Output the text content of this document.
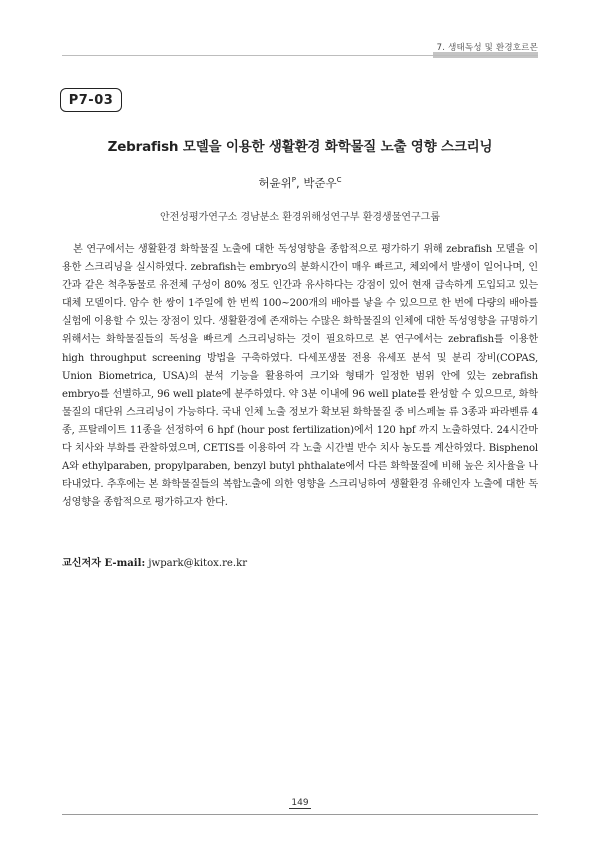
7. 생태독성 및 환경호르몬
P7-03
Zebrafish 모델을 이용한 생활환경 화학물질 노출 영향 스크리닝
허윤위$^P$, 박준우$^C$
안전성평가연구소 경남분소 환경위해성연구부 환경생물연구그룹

본 연구에서는 생활환경 화학물질 노출에 대한 독성영향을 종합적으로 평가하기 위해 zebrafish 모델을 이용한 스크리닝을 실시하였다. zebrafish는 embryo의 분화시간이 매우 빠르고, 체외에서 발생이 일어나며, 인간과 같은 척추동물로 유전체 구성이 80% 정도 인간과 유사하다는 강점이 있어 현재 급속하게 도입되고 있는 대체 모델이다. 암수 한 쌍이 1주일에 한 번씩 100~200개의 배아를 낳을 수 있으므로 한 번에 다량의 배아를 실험에 이용할 수 있는 장점이 있다. 생활환경에 존재하는 수많은 화학물질의 인체에 대한 독성영향을 규명하기 위해서는 화학물질들의 독성을 빠르게 스크리닝하는 것이 필요하므로 본 연구에서는 zebrafish를 이용한 high throughput screening 방법을 구축하였다. 다세포생물 전용 유세포 분석 및 분리 장비(COPAS, Union Biometrica, USA)의 분석 기능을 활용하여 크기와 형태가 일정한 범위 안에 있는 zebrafish embryo를 선별하고, 96 well plate에 분주하였다. 약 3분 이내에 96 well plate를 완성할 수 있으므로, 화학물질의 대단위 스크리닝이 가능하다. 국내 인체 노출 정보가 확보된 화학물질 중 비스페놀 류 3종과 파라벤류 4종, 프탈레이트 11종을 선정하여 6 hpf (hour post fertilization)에서 120 hpf 까지 노출하였다. 24시간마다 치사와 부화를 관찰하였으며, CETIS를 이용하여 각 노출 시간별 반수 치사 농도를 계산하였다. Bisphenol A와 ethylparaben, propylparaben, benzyl butyl phthalate에서 다른 화학물질에 비해 높은 치사율을 나타내었다. 추후에는 본 화학물질들의 복합노출에 의한 영향을 스크리닝하여 생활환경 유해인자 노출에 대한 독성영향을 종합적으로 평가하고자 한다.

교신저자 E-mail: jwpark@kitox.re.kr
149
